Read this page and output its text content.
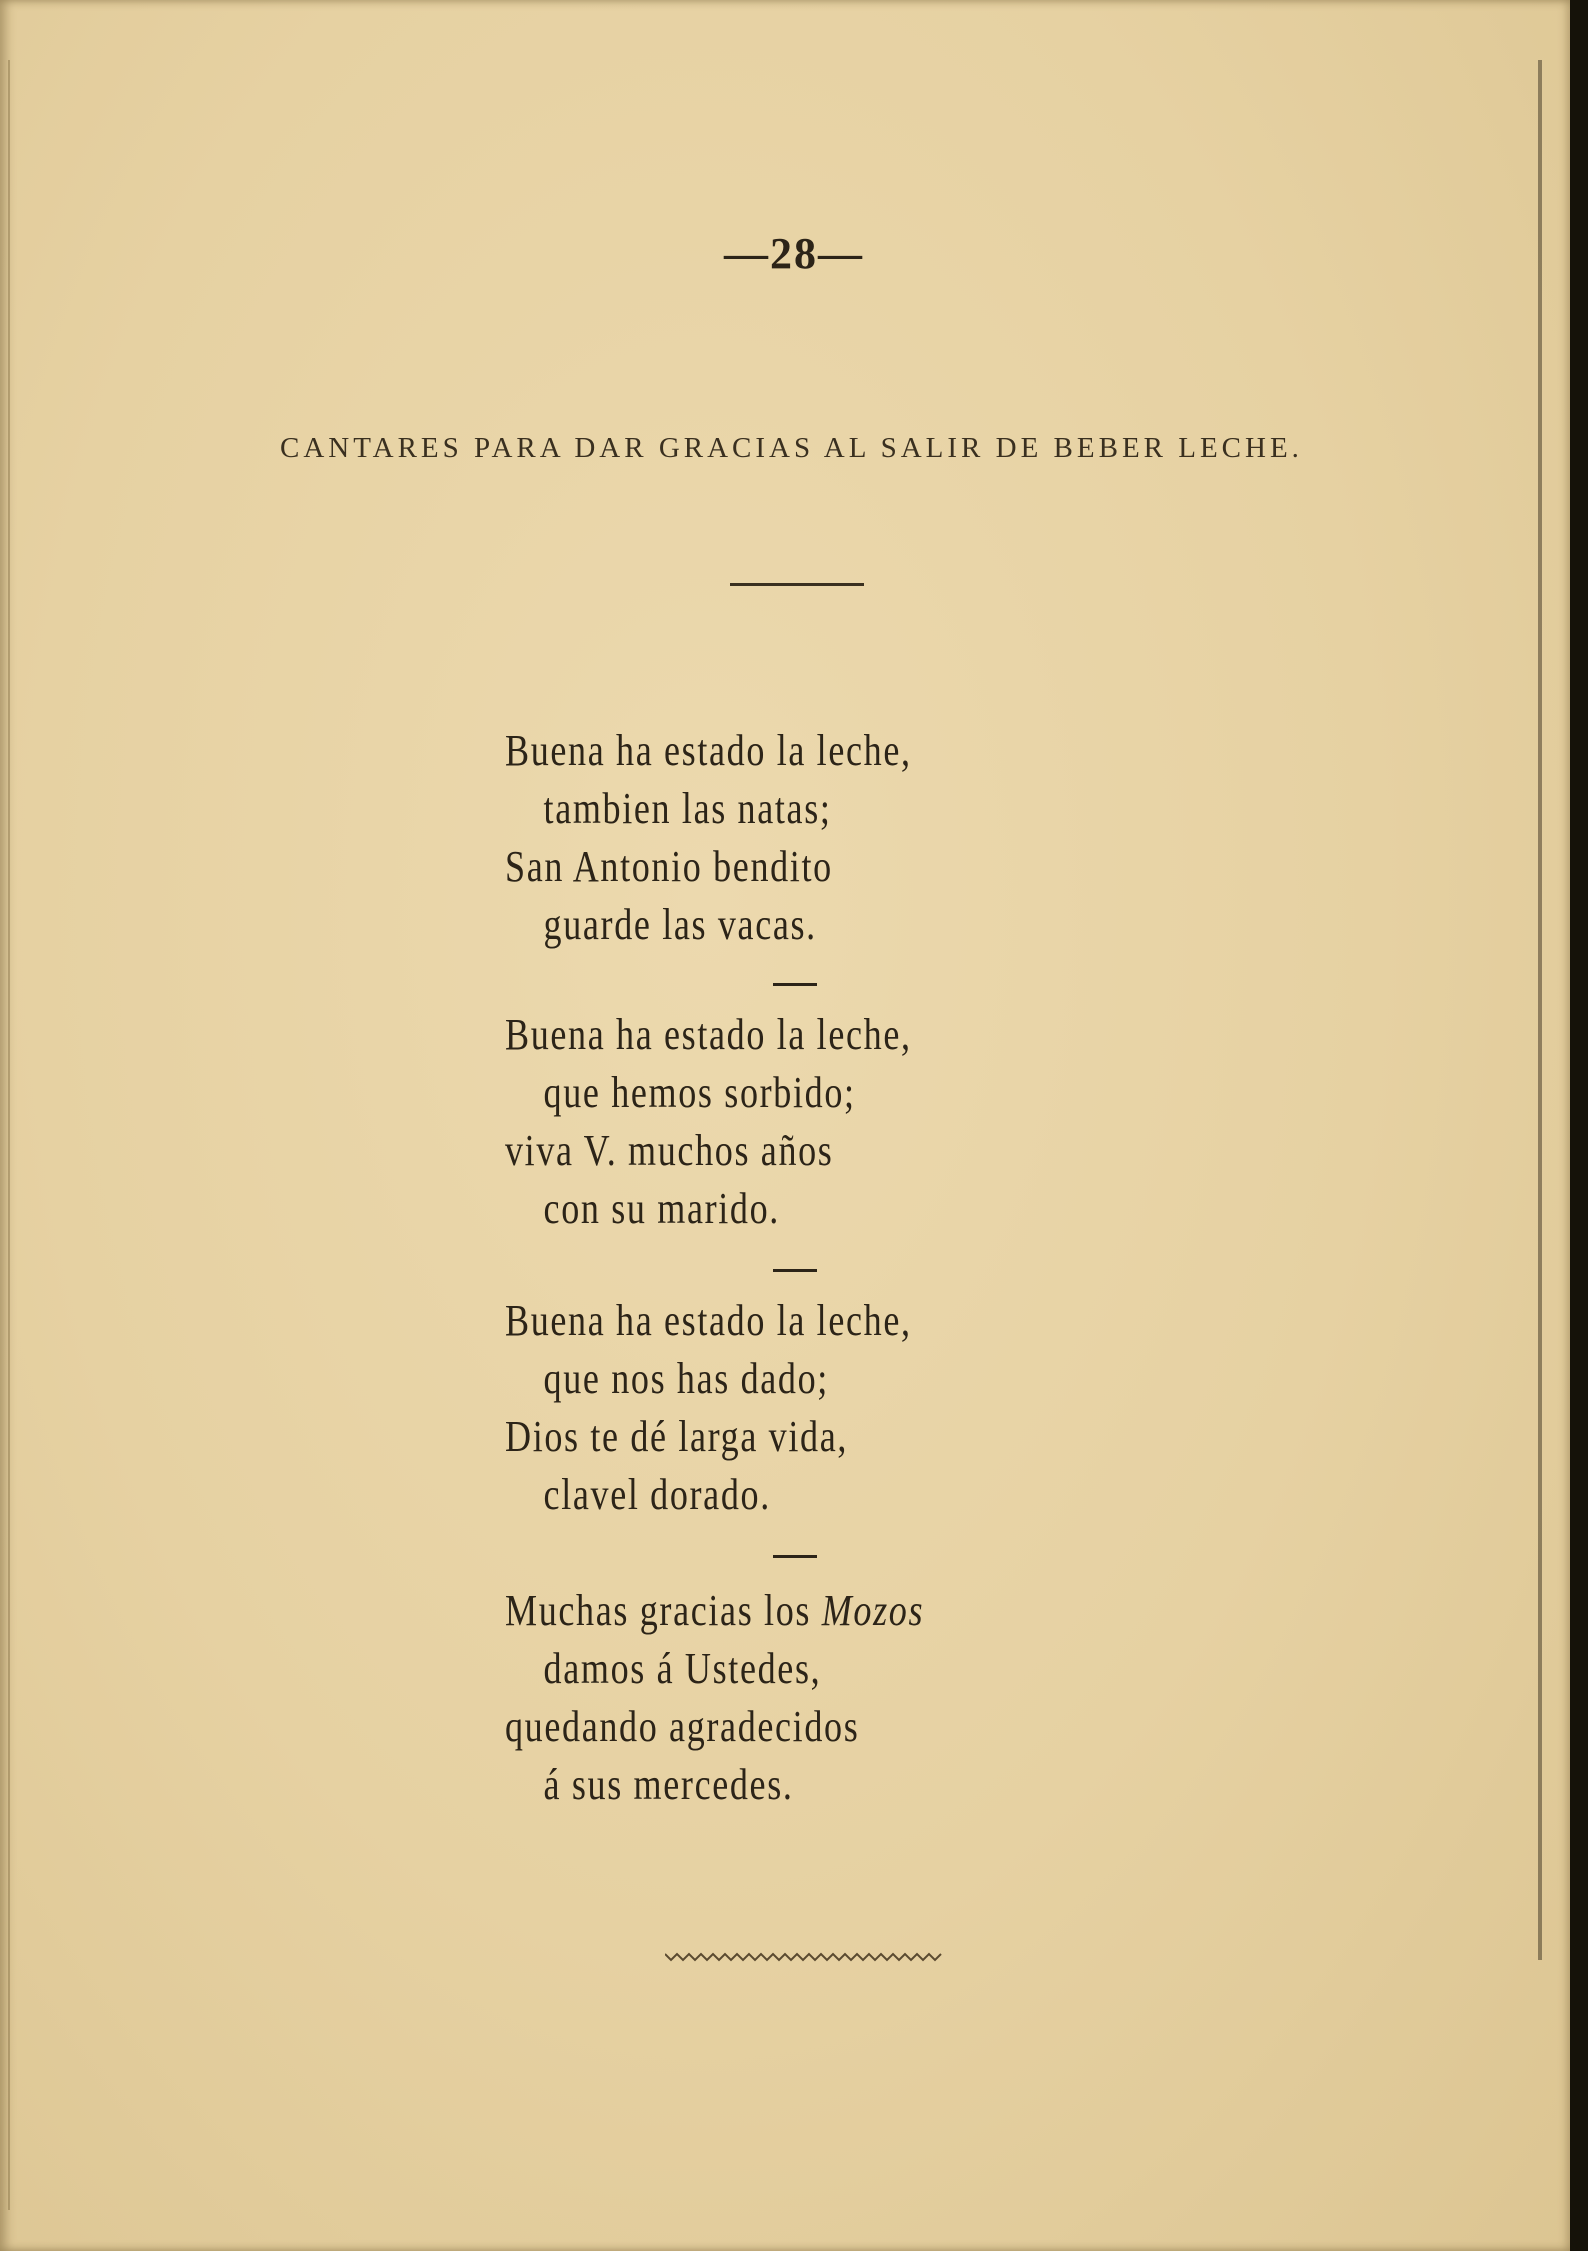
—28—
CANTARES PARA DAR GRACIAS AL SALIR DE BEBER LECHE.
Buena ha estado la leche,
tambien las natas;
San Antonio bendito
guarde las vacas.
Buena ha estado la leche,
que hemos sorbido;
viva V. muchos años
con su marido.
Buena ha estado la leche,
que nos has dado;
Dios te dé larga vida,
clavel dorado.
Muchas gracias los Mozos
damos á Ustedes,
quedando agradecidos
á sus mercedes.
